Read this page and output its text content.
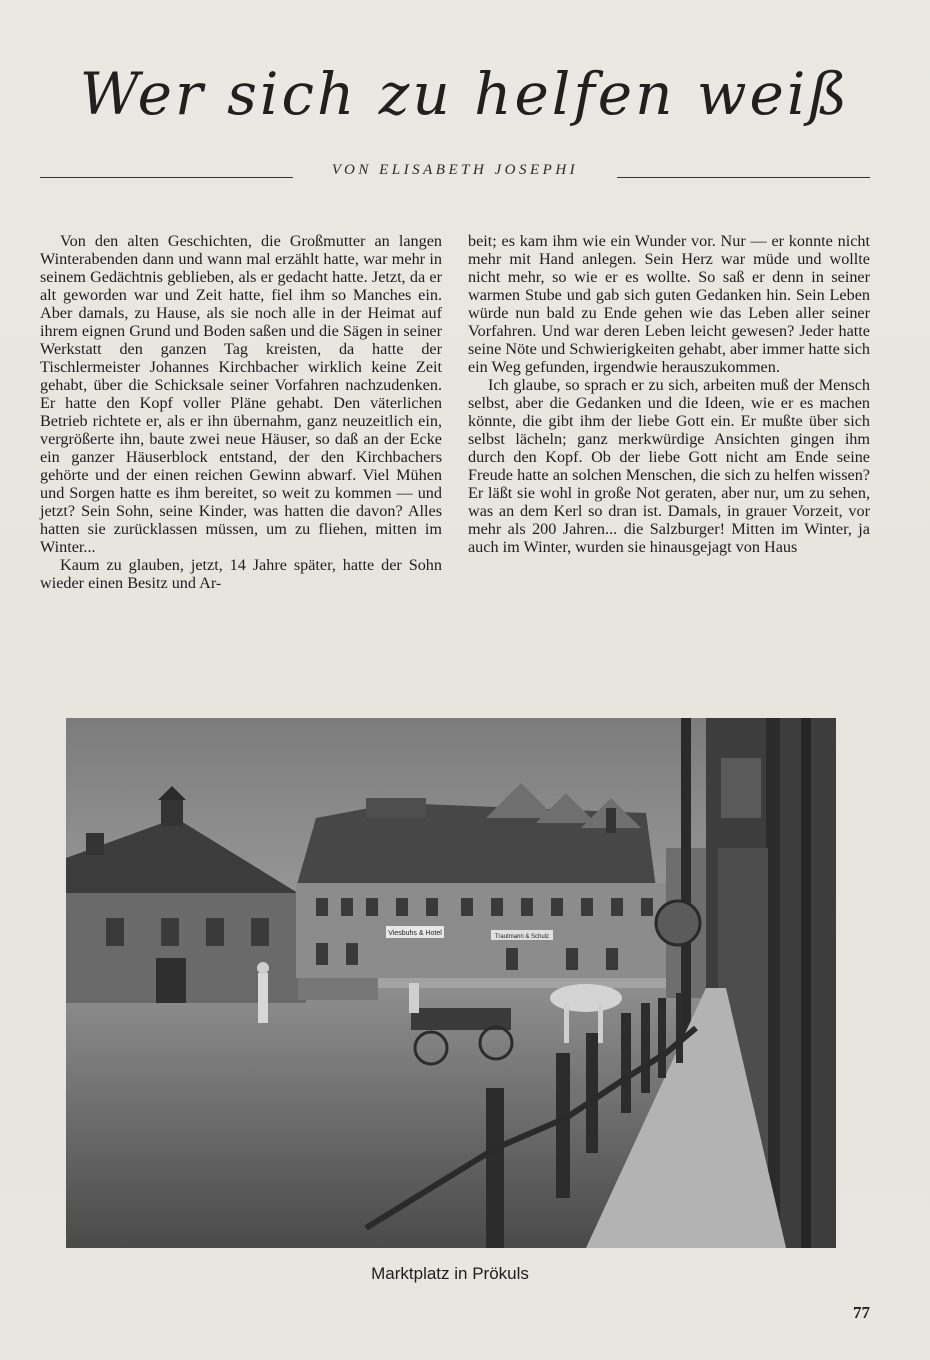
Wer sich zu helfen weiß
VON ELISABETH JOSEPHI

Von den alten Geschichten, die Großmutter an langen Winterabenden dann und wann mal erzählt hatte, war mehr in seinem Gedächtnis geblieben, als er gedacht hatte. Jetzt, da er alt geworden war und Zeit hatte, fiel ihm so Manches ein. Aber damals, zu Hause, als sie noch alle in der Heimat auf ihrem eignen Grund und Boden saßen und die Sägen in seiner Werkstatt den ganzen Tag kreisten, da hatte der Tischlermeister Johannes Kirchbacher wirklich keine Zeit gehabt, über die Schicksale seiner Vorfahren nachzudenken. Er hatte den Kopf voller Pläne gehabt. Den väterlichen Betrieb richtete er, als er ihn übernahm, ganz neuzeitlich ein, vergrößerte ihn, baute zwei neue Häuser, so daß an der Ecke ein ganzer Häuserblock entstand, der den Kirchbachers gehörte und der einen reichen Gewinn abwarf. Viel Mühen und Sorgen hatte es ihm bereitet, so weit zu kommen — und jetzt? Sein Sohn, seine Kinder, was hatten die davon? Alles hatten sie zurücklassen müssen, um zu fliehen, mitten im Winter...

Kaum zu glauben, jetzt, 14 Jahre später, hatte der Sohn wieder einen Besitz und Ar-

beit; es kam ihm wie ein Wunder vor. Nur — er konnte nicht mehr mit Hand anlegen. Sein Herz war müde und wollte nicht mehr, so wie er es wollte. So saß er denn in seiner warmen Stube und gab sich guten Gedanken hin. Sein Leben würde nun bald zu Ende gehen wie das Leben aller seiner Vorfahren. Und war deren Leben leicht gewesen? Jeder hatte seine Nöte und Schwierigkeiten gehabt, aber immer hatte sich ein Weg gefunden, irgendwie herauszukommen.

Ich glaube, so sprach er zu sich, arbeiten muß der Mensch selbst, aber die Gedanken und die Ideen, wie er es machen könnte, die gibt ihm der liebe Gott ein. Er mußte über sich selbst lächeln; ganz merkwürdige Ansichten gingen ihm durch den Kopf. Ob der liebe Gott nicht am Ende seine Freude hatte an solchen Menschen, die sich zu helfen wissen? Er läßt sie wohl in große Not geraten, aber nur, um zu sehen, was an dem Kerl so dran ist. Damals, in grauer Vorzeit, vor mehr als 200 Jahren... die Salzburger! Mitten im Winter, ja auch im Winter, wurden sie hinausgejagt von Haus

Viesbuhs & Hotel	Trautmann & Schulz
Marktplatz in Prökuls
77
